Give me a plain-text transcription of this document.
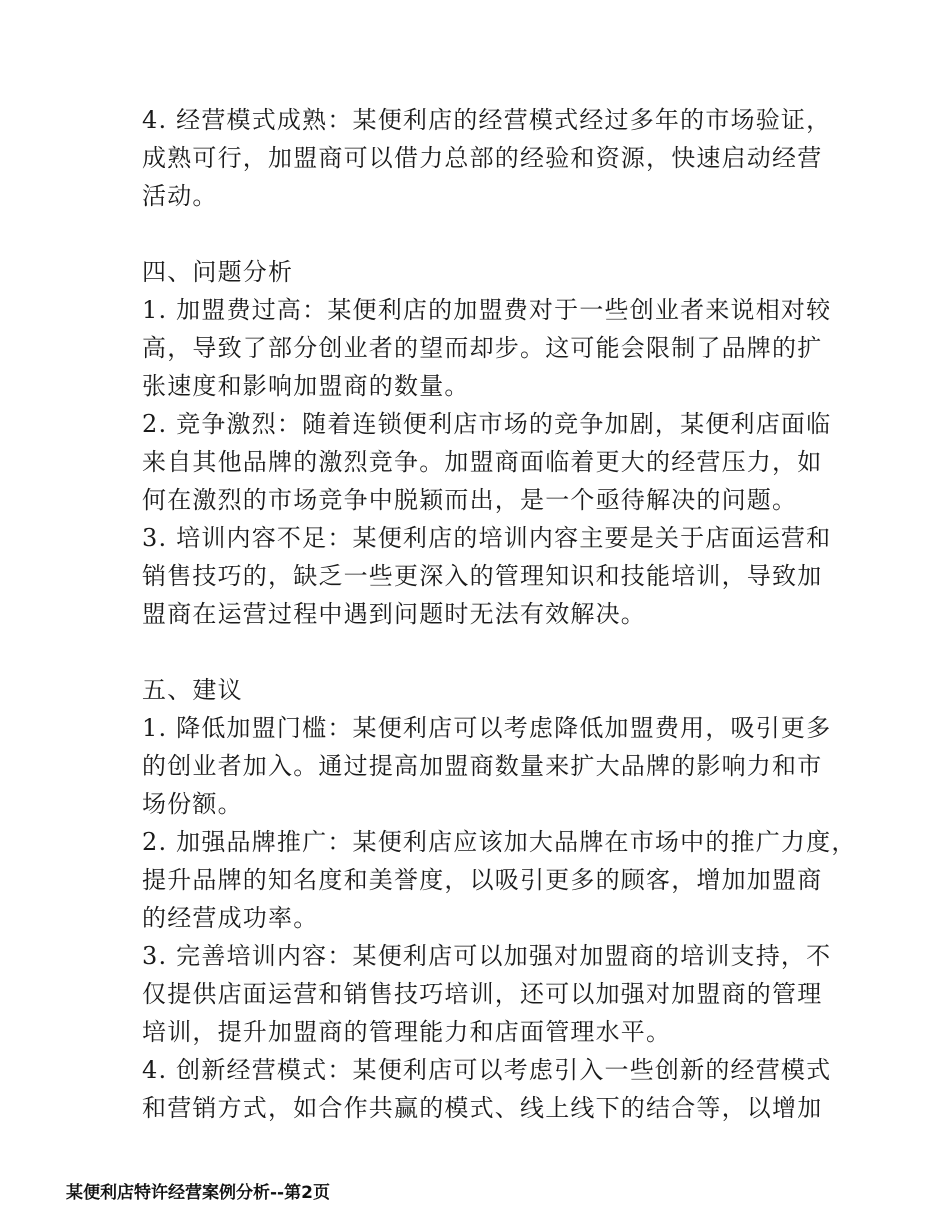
4. 经营模式成熟：某便利店的经营模式经过多年的市场验证，
成熟可行，加盟商可以借力总部的经验和资源，快速启动经营
活动。
四、问题分析
1. 加盟费过高：某便利店的加盟费对于一些创业者来说相对较
高，导致了部分创业者的望而却步。这可能会限制了品牌的扩
张速度和影响加盟商的数量。
2. 竞争激烈：随着连锁便利店市场的竞争加剧，某便利店面临
来自其他品牌的激烈竞争。加盟商面临着更大的经营压力，如
何在激烈的市场竞争中脱颖而出，是一个亟待解决的问题。
3. 培训内容不足：某便利店的培训内容主要是关于店面运营和
销售技巧的，缺乏一些更深入的管理知识和技能培训，导致加
盟商在运营过程中遇到问题时无法有效解决。
五、建议
1. 降低加盟门槛：某便利店可以考虑降低加盟费用，吸引更多
的创业者加入。通过提高加盟商数量来扩大品牌的影响力和市
场份额。
2. 加强品牌推广：某便利店应该加大品牌在市场中的推广力度，
提升品牌的知名度和美誉度，以吸引更多的顾客，增加加盟商
的经营成功率。
3. 完善培训内容：某便利店可以加强对加盟商的培训支持，不
仅提供店面运营和销售技巧培训，还可以加强对加盟商的管理
培训，提升加盟商的管理能力和店面管理水平。
4. 创新经营模式：某便利店可以考虑引入一些创新的经营模式
和营销方式，如合作共赢的模式、线上线下的结合等，以增加
某便利店特许经营案例分析--第2页
